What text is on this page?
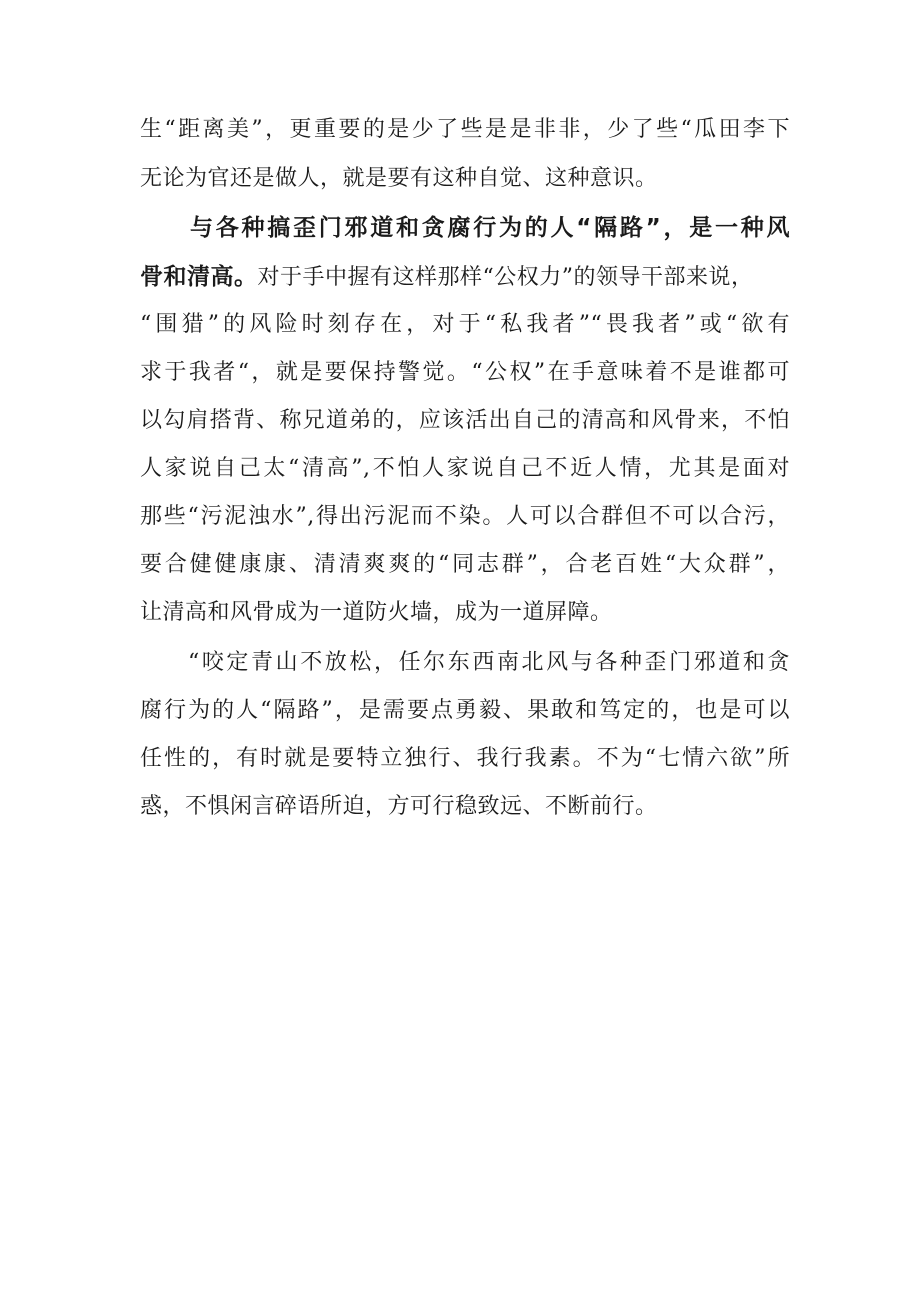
生“距离美”，更重要的是少了些是是非非，少了些“瓜田李下
无论为官还是做人，就是要有这种自觉、这种意识。
与各种搞歪门邪道和贪腐行为的人“隔路”，是一种风
骨和清高。对于手中握有这样那样“公权力”的领导干部来说，
“围猎”的风险时刻存在，对于“私我者”“畏我者”或“欲有
求于我者“，就是要保持警觉。“公权”在手意味着不是谁都可
以勾肩搭背、称兄道弟的，应该活出自己的清高和风骨来，不怕
人家说自己太“清高”,不怕人家说自己不近人情，尤其是面对
那些“污泥浊水”,得出污泥而不染。人可以合群但不可以合污，
要合健健康康、清清爽爽的“同志群”，合老百姓“大众群”，
让清高和风骨成为一道防火墙，成为一道屏障。
“咬定青山不放松，任尔东西南北风与各种歪门邪道和贪
腐行为的人“隔路”，是需要点勇毅、果敢和笃定的，也是可以
任性的，有时就是要特立独行、我行我素。不为“七情六欲”所
惑，不惧闲言碎语所迫，方可行稳致远、不断前行。
